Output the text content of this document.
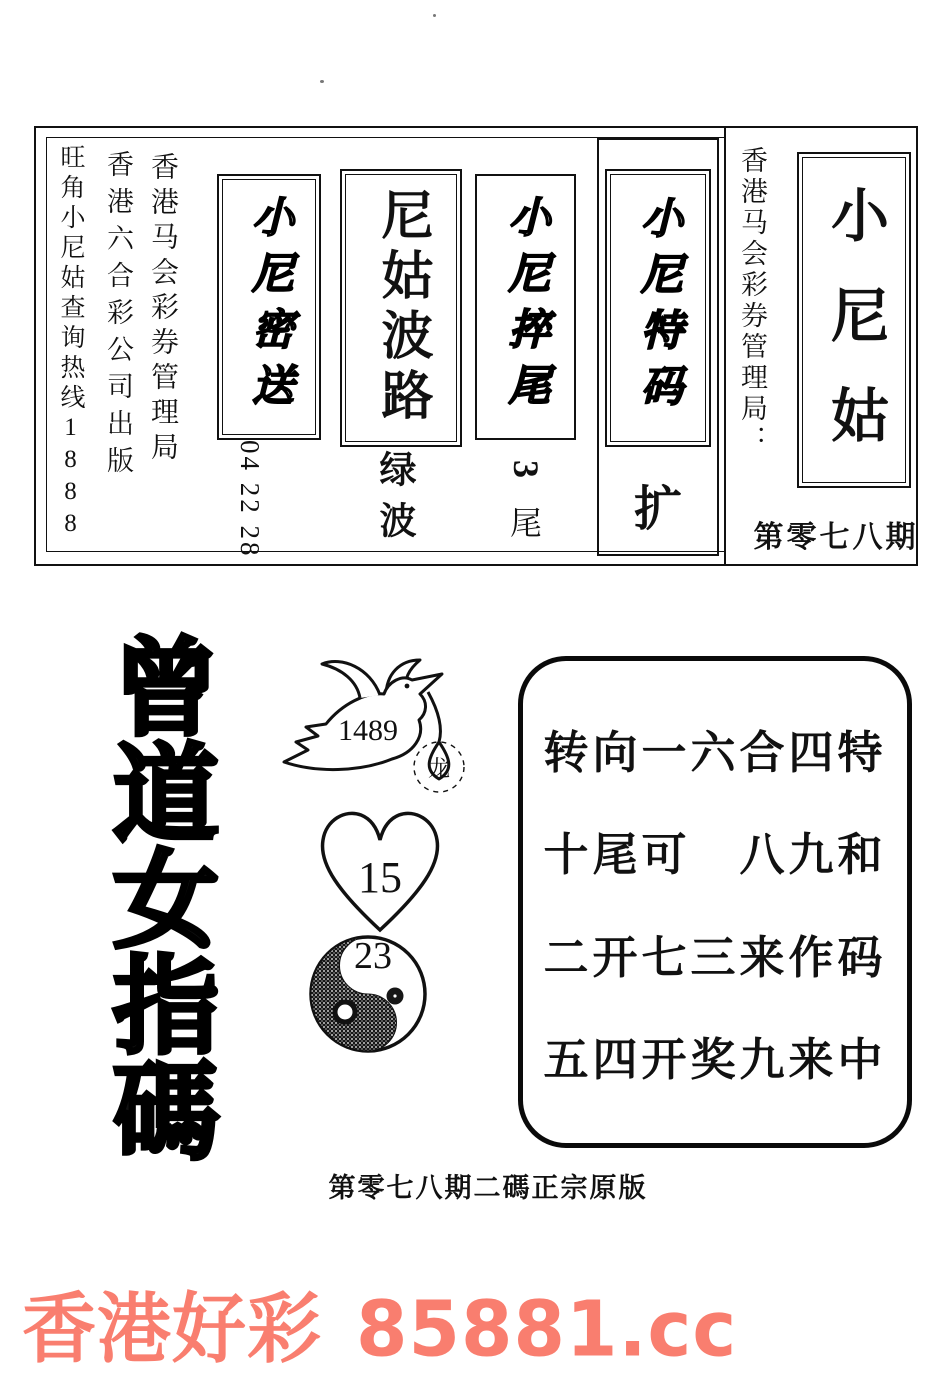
旺角小尼姑查询热线1888 香港六合彩公司出版 香港马会彩券管理局 小尼密送
04 22 28
尼姑波路
绿波
小尼捽尾
3
尾
小尼特码
扩
香港马会彩券管理局： 小尼姑
第零七八期
曾道女指碼	1489
龙
15
23
转向一六合四特
十尾可　八九和
二开七三来作码
五四开奖九来中
第零七八期二碼正宗原版
香港好彩 85881.cc
